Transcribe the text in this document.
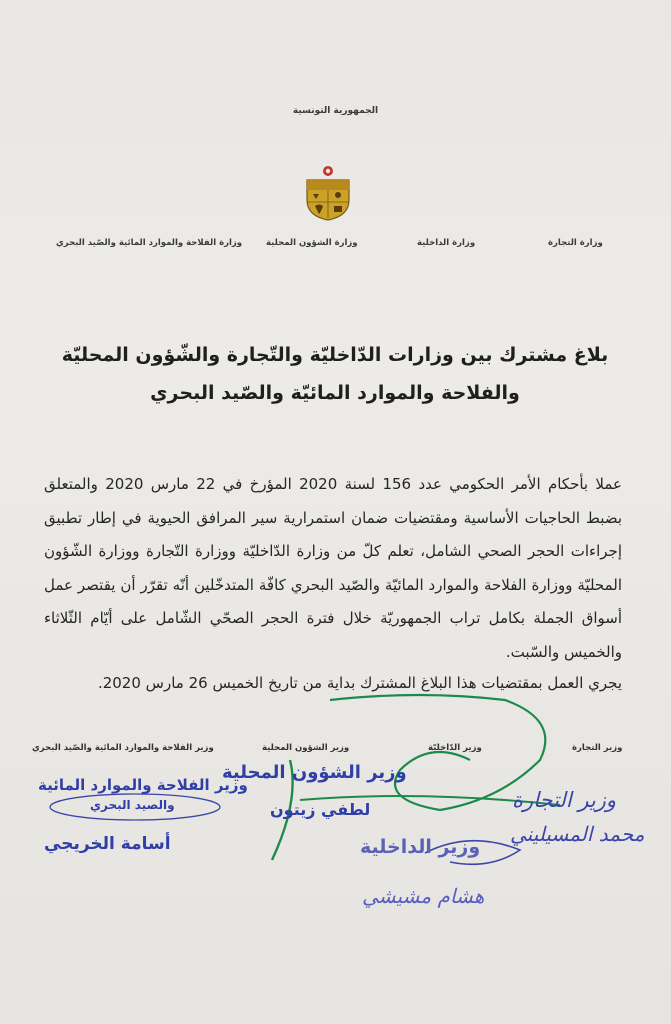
الجمهورية التونسية
وزارة التجارة
وزارة الداخلية
وزارة الشؤون المحلية
وزارة الفلاحة والموارد المائية والصّيد البحري
بلاغ مشترك بين وزارات الدّاخليّة والتّجارة والشّؤون المحليّة
والفلاحة والموارد المائيّة والصّيد البحري
عملا بأحكام الأمر الحكومي عدد 156 لسنة 2020 المؤرخ في 22 مارس 2020 والمتعلق بضبط الحاجيات الأساسية ومقتضيات ضمان استمرارية سير المرافق الحيوية في إطار تطبيق إجراءات الحجر الصحي الشامل، تعلم كلّ من وزارة الدّاخليّة ووزارة التّجارة ووزارة الشّؤون المحليّة ووزارة الفلاحة والموارد المائيّة والصّيد البحري كافّة المتدخّلين أنّه تقرّر أن يقتصر عمل أسواق الجملة بكامل تراب الجمهوريّة خلال فترة الحجر الصحّي الشّامل على أيّام الثّلاثاء والخميس والسّبت.
يجري العمل بمقتضيات هذا البلاغ المشترك بداية من تاريخ الخميس 26 مارس 2020.
وزير التجارة
وزير الدّاخليّة
وزير الشؤون المحلية
وزير الفلاحة والموارد المائية والصّيد البحري
وزير الفلاحة والموارد المائية
والصيد البحري
أسامة الخريجي
وزير الشؤون المحلية
لطفي زيتون	وزير التجارة
محمد المسيليني
وزير الداخلية
هشام مشيشي
